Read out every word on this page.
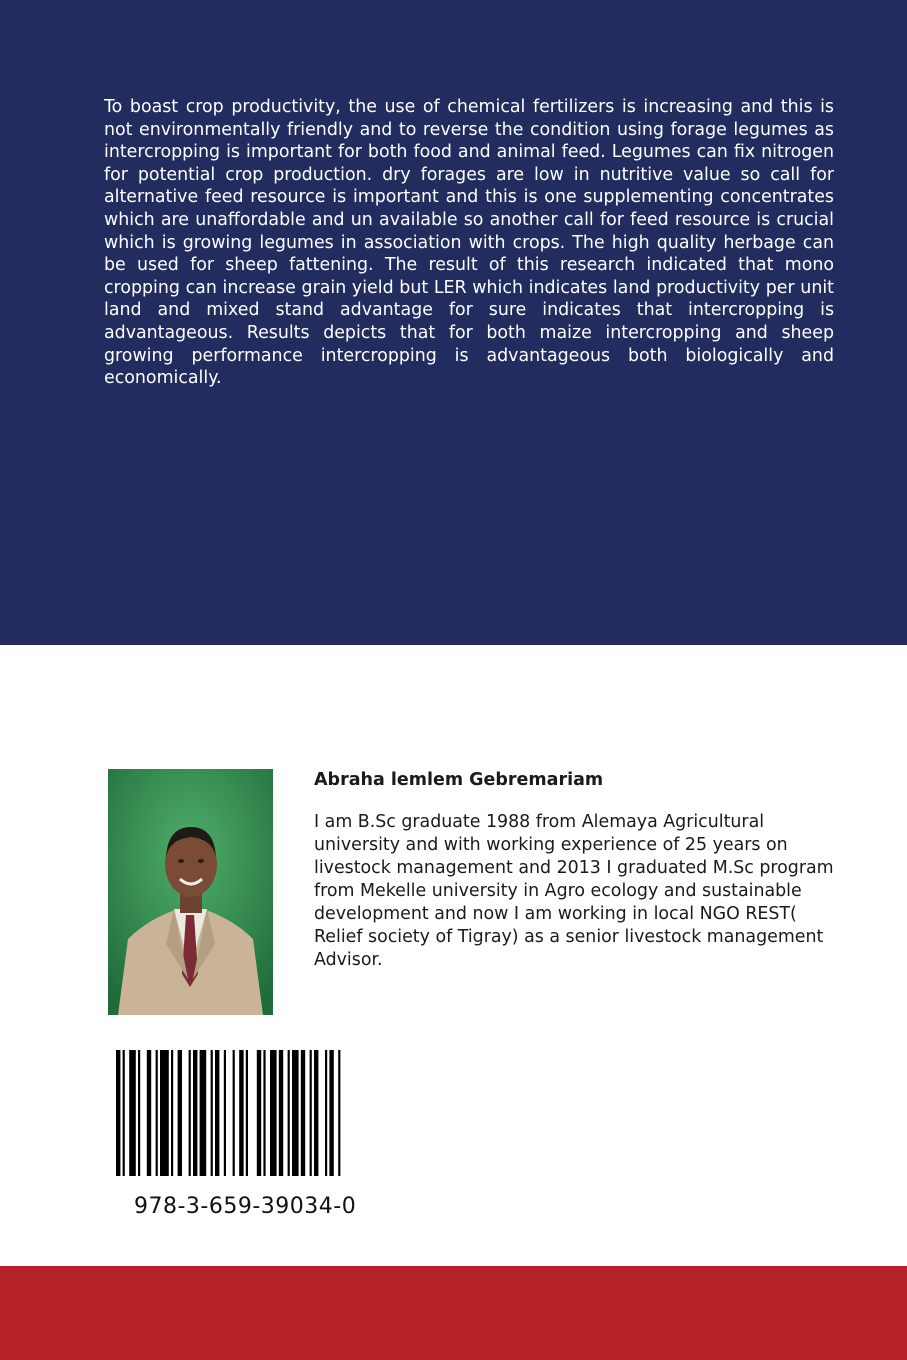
To boast crop productivity, the use of chemical fertilizers is increasing and this is not environmentally friendly and to reverse the condition using forage legumes as intercropping is important for both food and animal feed. Legumes can fix nitrogen for potential crop production. dry forages are low in nutritive value so call for alternative feed resource is important and this is one supplementing concentrates which are unaffordable and un available so another call for feed resource is crucial which is growing legumes in association with crops. The high quality herbage can be used for sheep fattening. The result of this research indicated that mono cropping can increase grain yield but LER which indicates land productivity per unit land and mixed stand advantage for sure indicates that intercropping is advantageous. Results depicts that for both maize intercropping and sheep growing performance intercropping is advantageous both biologically and economically.

Abraha lemlem Gebremariam

I am B.Sc graduate 1988 from Alemaya Agricultural university and with working experience of 25 years on livestock management and 2013 I graduated M.Sc program from Mekelle university in Agro ecology and sustainable development and now I am working in local NGO REST( Relief society of Tigray) as a senior livestock management Advisor.

978-3-659-39034-0
